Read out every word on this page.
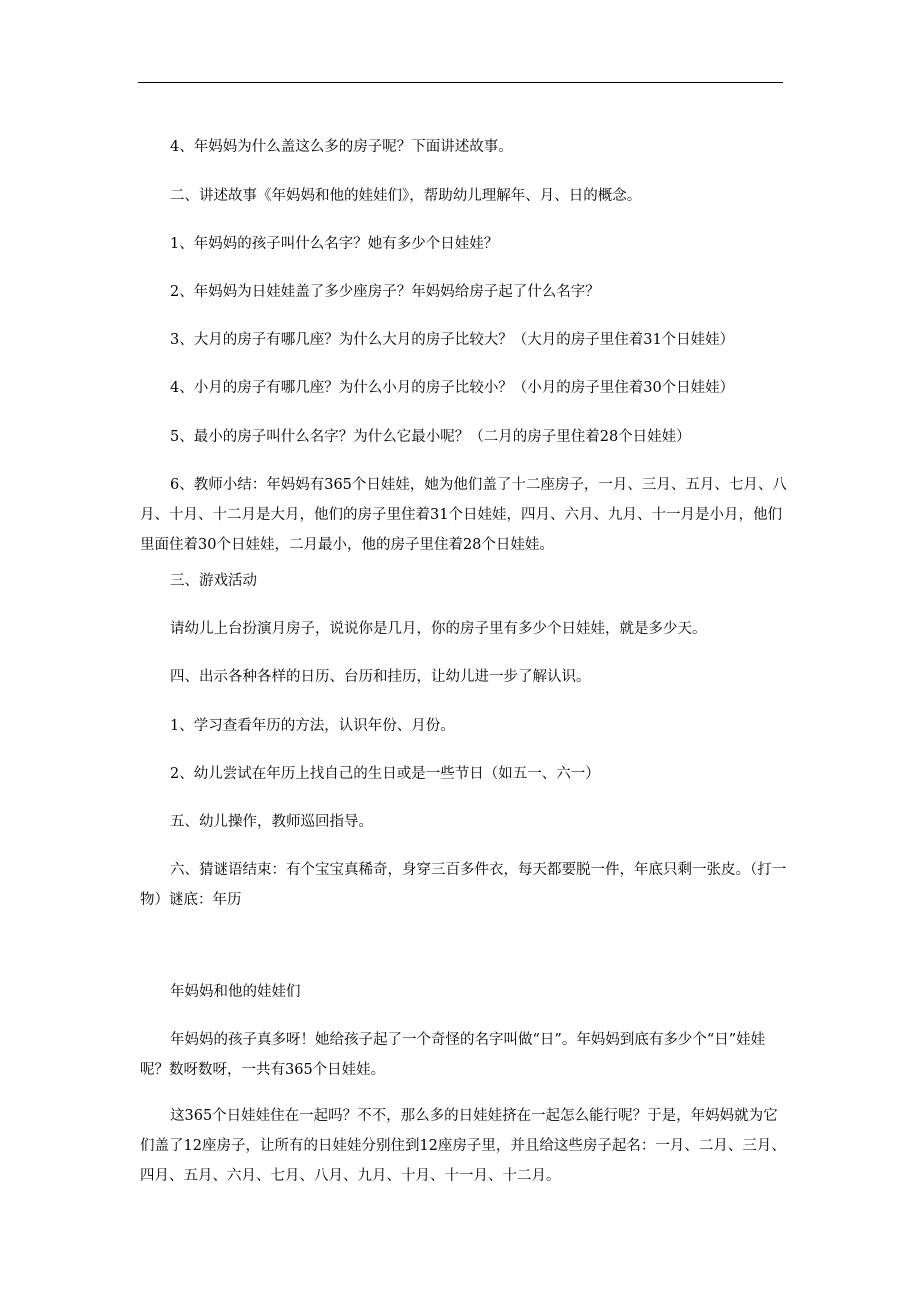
4、年妈妈为什么盖这么多的房子呢？下面讲述故事。
二、讲述故事《年妈妈和他的娃娃们》，帮助幼儿理解年、月、日的概念。
1、年妈妈的孩子叫什么名字？她有多少个日娃娃？
2、年妈妈为日娃娃盖了多少座房子？年妈妈给房子起了什么名字？
3、大月的房子有哪几座？为什么大月的房子比较大？（大月的房子里住着31个日娃娃）
4、小月的房子有哪几座？为什么小月的房子比较小？（小月的房子里住着30个日娃娃）
5、最小的房子叫什么名字？为什么它最小呢？（二月的房子里住着28个日娃娃）
6、教师小结：年妈妈有365个日娃娃，她为他们盖了十二座房子，一月、三月、五月、七月、八月、十月、十二月是大月，他们的房子里住着31个日娃娃，四月、六月、九月、十一月是小月，他们里面住着30个日娃娃，二月最小，他的房子里住着28个日娃娃。
三、游戏活动
请幼儿上台扮演月房子，说说你是几月，你的房子里有多少个日娃娃，就是多少天。
四、出示各种各样的日历、台历和挂历，让幼儿进一步了解认识。
1、学习查看年历的方法，认识年份、月份。
2、幼儿尝试在年历上找自己的生日或是一些节日（如五一、六一）
五、幼儿操作，教师巡回指导。
六、猜谜语结束：有个宝宝真稀奇，身穿三百多件衣，每天都要脱一件，年底只剩一张皮。（打一物）谜底：年历
年妈妈和他的娃娃们
年妈妈的孩子真多呀！她给孩子起了一个奇怪的名字叫做“日”。年妈妈到底有多少个“日”娃娃呢？数呀数呀，一共有365个日娃娃。
这365个日娃娃住在一起吗？不不，那么多的日娃娃挤在一起怎么能行呢？于是，年妈妈就为它们盖了12座房子，让所有的日娃娃分别住到12座房子里，并且给这些房子起名：一月、二月、三月、四月、五月、六月、七月、八月、九月、十月、十一月、十二月。
